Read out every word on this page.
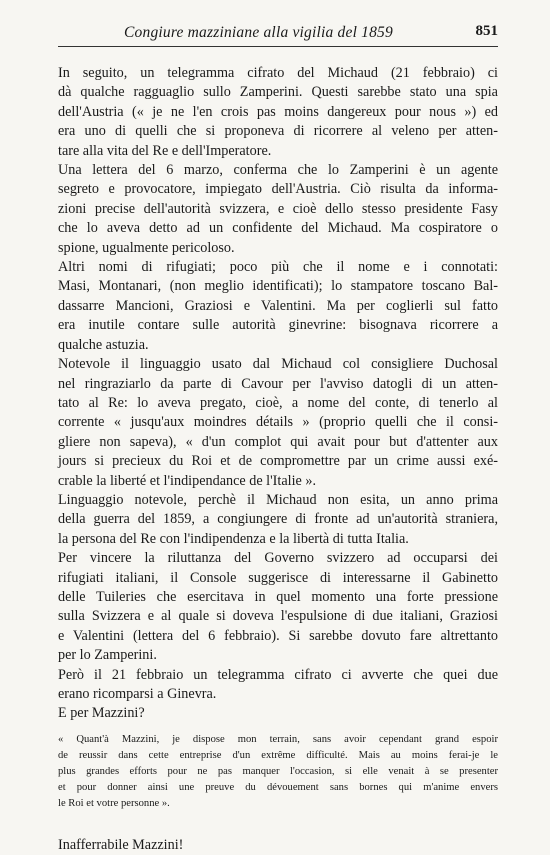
Congiure mazziniane alla vigilia del 1859	851

In seguito, un telegramma cifrato del Michaud (21 febbraio) ci
dà qualche ragguaglio sullo Zamperini. Questi sarebbe stato una spia
dell'Austria (« je ne l'en crois pas moins dangereux pour nous ») ed
era uno di quelli che si proponeva di ricorrere al veleno per atten-
tare alla vita del Re e dell'Imperatore.

Una lettera del 6 marzo, conferma che lo Zamperini è un agente
segreto e provocatore, impiegato dell'Austria. Ciò risulta da informa-
zioni precise dell'autorità svizzera, e cioè dello stesso presidente Fasy
che lo aveva detto ad un confidente del Michaud. Ma cospiratore o
spione, ugualmente pericoloso.

Altri nomi di rifugiati; poco più che il nome e i connotati:
Masi, Montanari, (non meglio identificati); lo stampatore toscano Bal-
dassarre Mancioni, Graziosi e Valentini. Ma per coglierli sul fatto
era inutile contare sulle autorità ginevrine: bisognava ricorrere a
qualche astuzia.

Notevole il linguaggio usato dal Michaud col consigliere Duchosal
nel ringraziarlo da parte di Cavour per l'avviso datogli di un atten-
tato al Re: lo aveva pregato, cioè, a nome del conte, di tenerlo al
corrente « jusqu'aux moindres détails » (proprio quelli che il consi-
gliere non sapeva), « d'un complot qui avait pour but d'attenter aux
jours si precieux du Roi et de compromettre par un crime aussi exé-
crable la liberté et l'indipendance de l'Italie ».

Linguaggio notevole, perchè il Michaud non esita, un anno prima
della guerra del 1859, a congiungere di fronte ad un'autorità straniera,
la persona del Re con l'indipendenza e la libertà di tutta Italia.

Per vincere la riluttanza del Governo svizzero ad occuparsi dei
rifugiati italiani, il Console suggerisce di interessarne il Gabinetto
delle Tuileries che esercitava in quel momento una forte pressione
sulla Svizzera e al quale si doveva l'espulsione di due italiani, Graziosi
e Valentini (lettera del 6 febbraio). Si sarebbe dovuto fare altrettanto
per lo Zamperini.

Però il 21 febbraio un telegramma cifrato ci avverte che quei due
erano ricomparsi a Ginevra.

E per Mazzini?

« Quant'à Mazzini, je dispose mon terrain, sans avoir cependant grand espoir
de reussir dans cette entreprise d'un extrême difficulté. Mais au moins ferai-je le
plus grandes efforts pour ne pas manquer l'occasion, si elle venait à se presenter
et pour donner ainsi une preuve du dévouement sans bornes qui m'anime envers
le Roi et votre personne ».
Inafferrabile Mazzini!
